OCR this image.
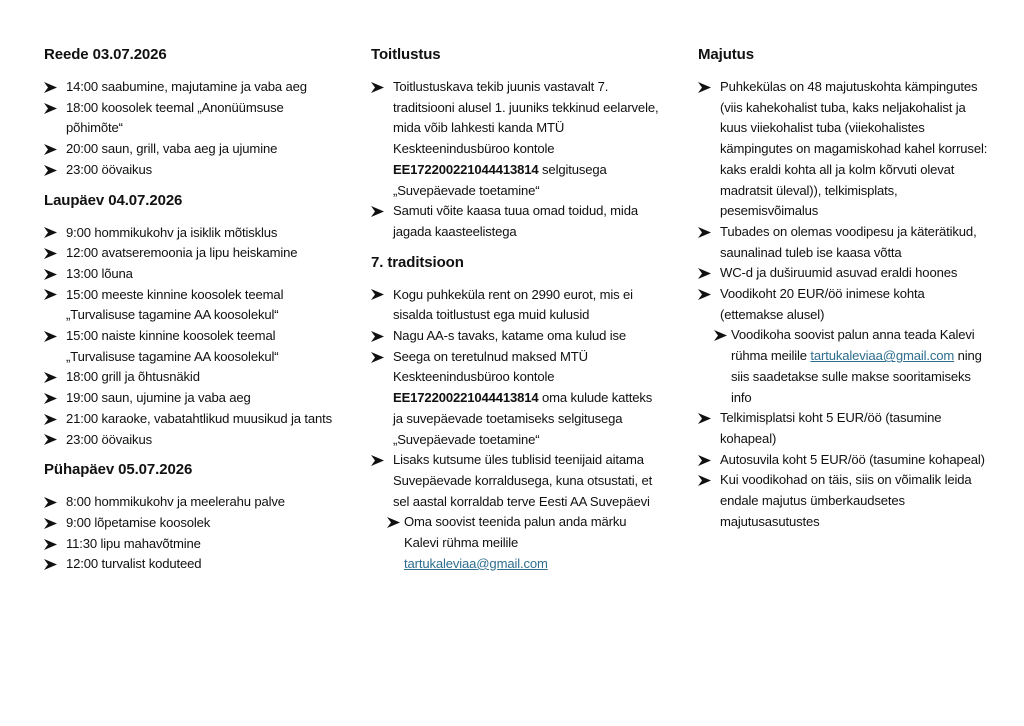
Reede 03.07.2026
14:00 saabumine, majutamine ja vaba aeg
18:00 koosolek teemal „Anonüümsuse põhimõte“
20:00 saun, grill, vaba aeg ja ujumine
23:00 öövaikus
Laupäev 04.07.2026
9:00 hommikukohv ja isiklik mõtisklus
12:00 avatseremoonia ja lipu heiskamine
13:00 lõuna
15:00 meeste kinnine koosolek teemal „Turvalisuse tagamine AA koosolekul“
15:00 naiste kinnine koosolek teemal „Turvalisuse tagamine AA koosolekul“
18:00 grill ja õhtusnäkid
19:00 saun, ujumine ja vaba aeg
21:00 karaoke, vabatahtlikud muusikud ja tants
23:00 öövaikus
Pühapäev 05.07.2026
8:00 hommikukohv ja meelerahu palve
9:00 lõpetamise koosolek
11:30 lipu mahavõtmine
12:00 turvalist koduteed
Toitlustus
Toitlustuskava tekib juunis vastavalt 7. traditsiooni alusel 1. juuniks tekkinud eelarvele, mida võib lahkesti kanda MTÜ Keskteenindusbüroo kontole EE172200221044413814 selgitusega „Suvepäevade toetamine“
Samuti võite kaasa tuua omad toidud, mida jagada kaasteelistega
7. traditsioon
Kogu puhkeküla rent on 2990 eurot, mis ei sisalda toitlustust ega muid kulusid
Nagu AA-s tavaks, katame oma kulud ise
Seega on teretulnud maksed MTÜ Keskteenindusbüroo kontole EE172200221044413814 oma kulude katteks ja suvepäevade toetamiseks selgitusega „Suvepäevade toetamine“
Lisaks kutsume üles tublisid teenijaid aitama Suvepäevade korraldusega, kuna otsustati, et sel aastal korraldab terve Eesti AA Suvepäevi
Oma soovist teenida palun anda märku Kalevi rühma meilile tartukaleviaa@gmail.com
Majutus
Puhkekülas on 48 majutuskohta kämpingutes (viis kahekohalist tuba, kaks neljakohalist ja kuus viiekohalist tuba (viiekohalistes kämpingutes on magamiskohad kahel korrusel: kaks eraldi kohta all ja kolm kõrvuti olevat madratsit üleval)), telkimisplats, pesemisvõimalus
Tubades on olemas voodipesu ja käterätikud, saunalinad tuleb ise kaasa võtta
WC-d ja duširuumid asuvad eraldi hoones
Voodikoht 20 EUR/öö inimese kohta (ettemakse alusel)
Voodikoha soovist palun anna teada Kalevi rühma meilile tartukaleviaa@gmail.com ning siis saadetakse sulle makse sooritamiseks info
Telkimisplatsi koht 5 EUR/öö (tasumine kohapeal)
Autosuvila koht 5 EUR/öö (tasumine kohapeal)
Kui voodikohad on täis, siis on võimalik leida endale majutus ümberkaudsetes majutusasutustes
